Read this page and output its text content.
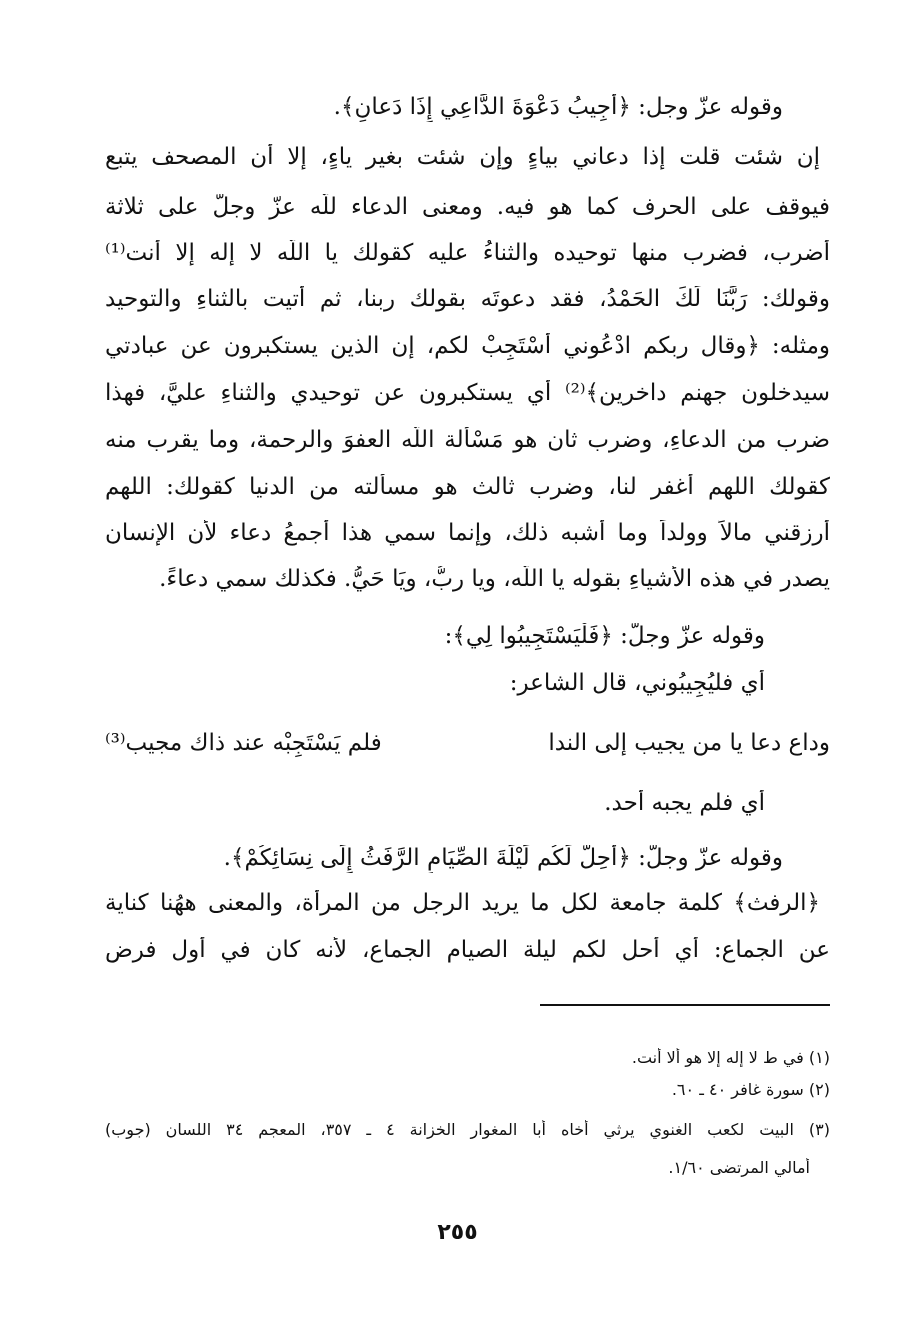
وقوله عزّ وجل: ﴿أُجِيبُ دَعْوَةَ الدَّاعِي إِذَا دَعانِ﴾.
إن شئت قلت إذا دعاني بياءٍ وإن شئت بغير ياءٍ، إلا أن المصحف يتبع
فيوقف على الحرف كما هو فيه. ومعنى الدعاء للّه عزّ وجلّ على ثلاثة
أضرب، فضرب منها توحيده والثناءُ عليه كقولك يا اللّه لا إله إلا أنت⁽¹⁾
وقولك: رَبَّنَا لَكَ الحَمْدُ، فقد دعوتَه بقولك ربنا، ثم أتيت بالثناءِ والتوحيد
ومثله: ﴿وقال ربكم ادْعُوني أَسْتَجِبْ لكم، إن الذين يستكبرون عن عبادتي
سيدخلون جهنم داخرين﴾⁽²⁾ أي يستكبرون عن توحيدي والثناءِ عليَّ، فهذا
ضرب من الدعاءِ، وضرب ثان هو مَسْألة اللّه العفوَ والرحمة، وما يقرب منه
كقولك اللهم أغفر لنا، وضرب ثالث هو مسألته من الدنيا كقولك: اللهم
أرزقني مالاً وولداً وما أشبه ذلك، وإنما سمي هذا أجمعُ دعاء لأن الإنسان
يصدر في هذه الأشياءِ بقوله يا اللّه، ويا ربُّ، ويَا حَيُّ. فكذلك سمي دعاءً.
وقوله عزّ وجلّ: ﴿فَلْيَسْتَجِيبُوا لِي﴾:
أي فليُجِيبُوني، قال الشاعر:
وداع دعا يا من يجيب إلى الندا
فلم يَسْتَجِبْه عند ذاك مجيب⁽³⁾
أي فلم يجبه أحد.
وقوله عزّ وجلّ: ﴿أُحِلَّ لَكُم لَيْلَةَ الصِّيَامِ الرَّفَثُ إِلَى نِسَائِكُمْ﴾.
﴿الرفث﴾ كلمة جامعة لكل ما يريد الرجل من المرأة، والمعنى ههُنا كناية
عن الجماع: أي أحل لكم ليلة الصيام الجماع، لأنه كان في أول فرض
(١) في ط لا إله إلا هو ألا أنت.
(٢) سورة غافر ٤٠ ـ ٦٠.
(٣) البيت لكعب الغنوي يرثي أخاه أبا المغوار الخزانة ٤ ـ ٣٥٧، المعجم ٣٤ اللسان (جوب)
أمالي المرتضى ١/٦٠.
٢٥٥
